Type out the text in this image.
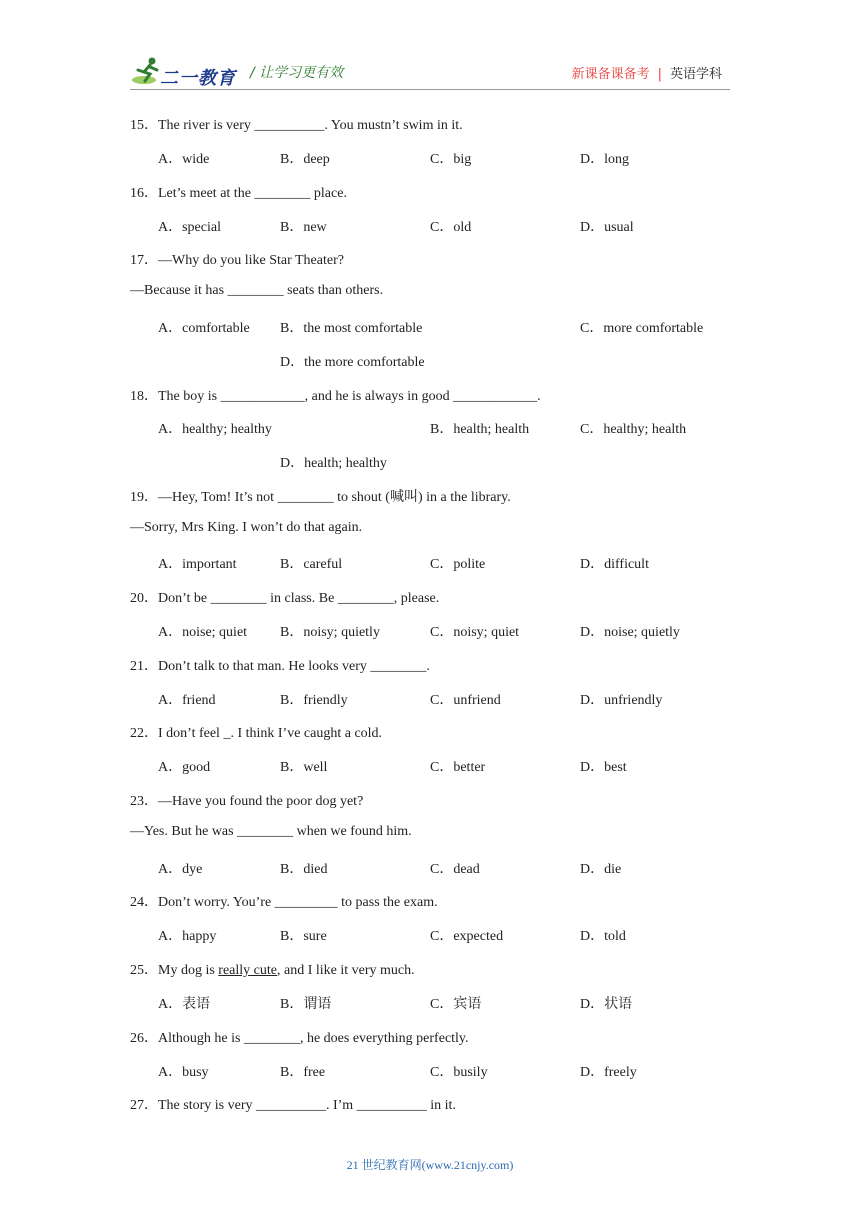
二一教育 / 让学习更有效	新课备课备考 | 英语学科
15．The river is very __________. You mustn’t swim in it.
A．wide	B．deep	C．big	D．long
16．Let’s meet at the ________ place.
A．special	B．new	C．old	D．usual
17．—Why do you like Star Theater?
—Because it has ________ seats than others.
A．comfortable B．the most comfortable	C．more comfortable
D．the more comfortable
18．The boy is ____________, and he is always in good ____________.
A．healthy; healthy	B．health; health	C．healthy; health
D．health; healthy
19．—Hey, Tom! It’s not ________ to shout (喊叫) in a the library.
—Sorry, Mrs King. I won’t do that again.
A．important	B．careful	C．polite	D．difficult
20．Don’t be ________ in class. Be ________, please.
A．noise; quiet B．noisy; quietly	C．noisy; quiet	D．noise; quietly
21．Don’t talk to that man. He looks very ________.
A．friend	B．friendly	C．unfriend	D．unfriendly
22．I don’t feel _. I think I’ve caught a cold.
A．good	B．well	C．better	D．best
23．—Have you found the poor dog yet?
—Yes. But he was ________ when we found him.
A．dye	B．died	C．dead	D．die
24．Don’t worry. You’re _________ to pass the exam.
A．happy	B．sure	C．expected	D．told
25．My dog is really cute, and I like it very much.
A．表语	B．谓语	C．宾语	D．状语
26．Although he is ________, he does everything perfectly.
A．busy	B．free	C．busily	D．freely
27．The story is very __________. I’m __________ in it.
21 世纪教育网(www.21cnjy.com)
